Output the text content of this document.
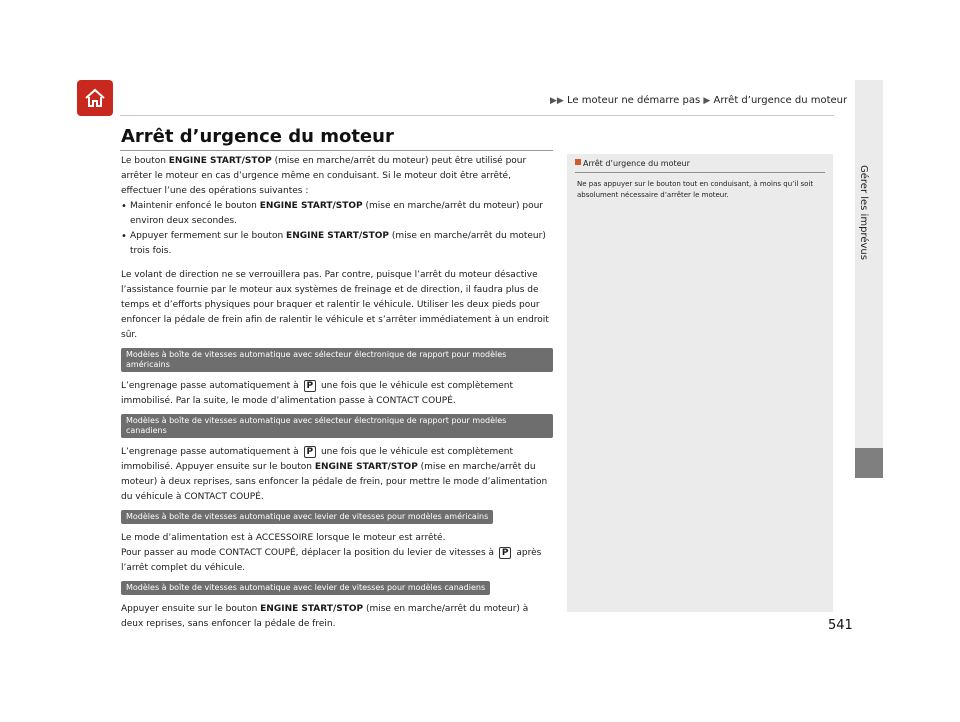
▶▶ Le moteur ne démarre pas ▶ Arrêt d’urgence du moteur
Gérer les imprévus
Arrêt d’urgence du moteur

Le bouton ENGINE START/STOP (mise en marche/arrêt du moteur) peut être utilisé pour arrêter le moteur en cas d’urgence même en conduisant. Si le moteur doit être arrêté, effectuer l’une des opérations suivantes :

• Maintenir enfoncé le bouton ENGINE START/STOP (mise en marche/arrêt du moteur) pour environ deux secondes.
• Appuyer fermement sur le bouton ENGINE START/STOP (mise en marche/arrêt du moteur) trois fois.

Le volant de direction ne se verrouillera pas. Par contre, puisque l’arrêt du moteur désactive l’assistance fournie par le moteur aux systèmes de freinage et de direction, il faudra plus de temps et d’efforts physiques pour braquer et ralentir le véhicule. Utiliser les deux pieds pour enfoncer la pédale de frein afin de ralentir le véhicule et s’arrêter immédiatement à un endroit sûr.

Modèles à boîte de vitesses automatique avec sélecteur électronique de rapport pour modèles américains

L’engrenage passe automatiquement à P une fois que le véhicule est complètement immobilisé. Par la suite, le mode d’alimentation passe à CONTACT COUPÉ.

Modèles à boîte de vitesses automatique avec sélecteur électronique de rapport pour modèles canadiens

L’engrenage passe automatiquement à P une fois que le véhicule est complètement immobilisé. Appuyer ensuite sur le bouton ENGINE START/STOP (mise en marche/arrêt du moteur) à deux reprises, sans enfoncer la pédale de frein, pour mettre le mode d’alimentation du véhicule à CONTACT COUPÉ.

Modèles à boîte de vitesses automatique avec levier de vitesses pour modèles américains

Le mode d’alimentation est à ACCESSOIRE lorsque le moteur est arrêté.
Pour passer au mode CONTACT COUPÉ, déplacer la position du levier de vitesses à P après l’arrêt complet du véhicule.

Modèles à boîte de vitesses automatique avec levier de vitesses pour modèles canadiens

Appuyer ensuite sur le bouton ENGINE START/STOP (mise en marche/arrêt du moteur) à deux reprises, sans enfoncer la pédale de frein.

Arrêt d’urgence du moteur
Ne pas appuyer sur le bouton tout en conduisant, à moins qu’il soit absolument nécessaire d’arrêter le moteur.
541
